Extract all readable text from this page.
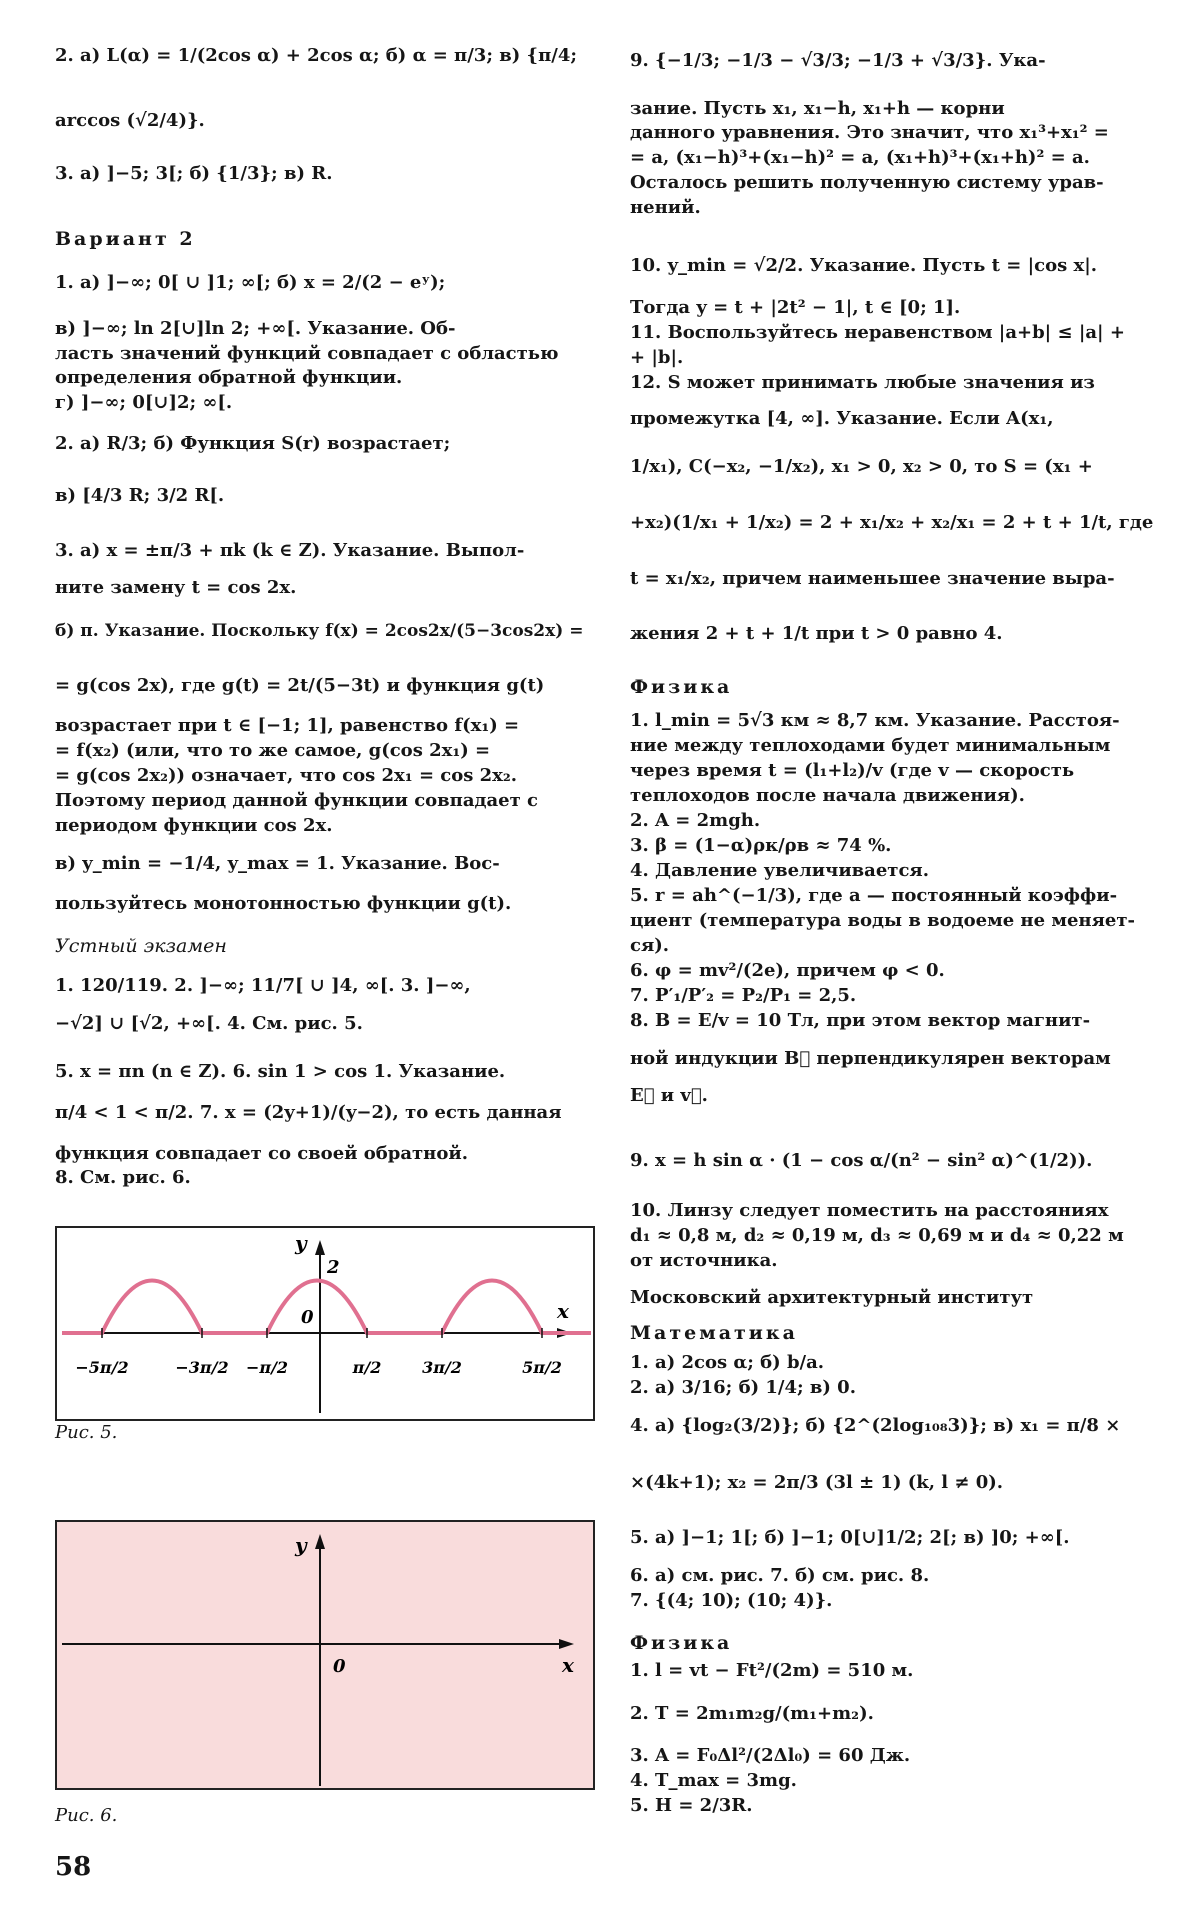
2. а) L(α) = 1/(2cos α) + 2cos α; б) α = π/3; в) {π/4;
arccos (√2/4)}.
3. а) ]−5; 3[; б) {1/3}; в) R.
1. а) ]−∞; 0[ ∪ ]1; ∞[; б) x = 2/(2 − eʸ);
в) ]−∞; ln 2[∪]ln 2; +∞[. Указание. Об-
ласть значений функций совпадает с областью
определения обратной функции.
г) ]−∞; 0[∪]2; ∞[.
2. а) R/3; б) Функция S(r) возрастает;
в) [4/3 R; 3/2 R[.
3. а) x = ±π/3 + πk (k ∈ Z). Указание. Выпол-
ните замену t = cos 2x.
б) π. Указание. Поскольку f(x) = 2cos2x/(5−3cos2x) =
= g(cos 2x), где g(t) = 2t/(5−3t) и функция g(t)
возрастает при t ∈ [−1; 1], равенство f(x₁) =
= f(x₂) (или, что то же самое, g(cos 2x₁) =
= g(cos 2x₂)) означает, что cos 2x₁ = cos 2x₂.
Поэтому период данной функции совпадает с
периодом функции cos 2x.
в) y_min = −1/4, y_max = 1. Указание. Вос-
пользуйтесь монотонностью функции g(t).
1. 120/119. 2. ]−∞; 11/7[ ∪ ]4, ∞[. 3. ]−∞,
−√2] ∪ [√2, +∞[. 4. См. рис. 5.
5. x = πn (n ∈ Z). 6. sin 1 > cos 1. Указание.
π/4 < 1 < π/2. 7. x = (2y+1)/(y−2), то есть данная
функция совпадает со своей обратной.
8. См. рис. 6.
Вариант 2
Устный экзамен
y
2
0	x
−5π/2	−3π/2 −π/2	π/2	3π/2	5π/2
Рис. 5.
y
0	x
Рис. 6.
9. {−1/3; −1/3 − √3/3; −1/3 + √3/3}. Ука-
зание. Пусть x₁, x₁−h, x₁+h — корни
данного уравнения. Это значит, что x₁³+x₁² =
= a, (x₁−h)³+(x₁−h)² = a, (x₁+h)³+(x₁+h)² = a.
Осталось решить полученную систему урав-
нений.
10. y_min = √2/2. Указание. Пусть t = |cos x|.
Тогда y = t + |2t² − 1|, t ∈ [0; 1].
11. Воспользуйтесь неравенством |a+b| ≤ |a| +
+ |b|.
12. S может принимать любые значения из
промежутка [4, ∞]. Указание. Если A(x₁,
1/x₁), C(−x₂, −1/x₂), x₁ > 0, x₂ > 0, то S = (x₁ +
+x₂)(1/x₁ + 1/x₂) = 2 + x₁/x₂ + x₂/x₁ = 2 + t + 1/t, где
t = x₁/x₂, причем наименьшее значение выра-
жения 2 + t + 1/t при t > 0 равно 4.
1. l_min = 5√3 км ≈ 8,7 км. Указание. Расстоя-
ние между теплоходами будет минимальным
через время t = (l₁+l₂)/v (где v — скорость
теплоходов после начала движения).
2. A = 2mgh.
3. β = (1−α)ρк/ρв ≈ 74 %.
4. Давление увеличивается.
5. r = ah^(−1/3), где a — постоянный коэффи-
циент (температура воды в водоеме не меняет-
ся).
6. φ = mv²/(2e), причем φ < 0.
7. P′₁/P′₂ = P₂/P₁ = 2,5.
8. B = E/v = 10 Тл, при этом вектор магнит-
ной индукции B⃗ перпендикулярен векторам
E⃗ и v⃗.
9. x = h sin α · (1 − cos α/(n² − sin² α)^(1/2)).
10. Линзу следует поместить на расстояниях
d₁ ≈ 0,8 м, d₂ ≈ 0,19 м, d₃ ≈ 0,69 м и d₄ ≈ 0,22 м
от источника.
1. а) 2cos α; б) b/a.
2. а) 3/16; б) 1/4; в) 0.
4. а) {log₂(3/2)}; б) {2^(2log₁₀₈3)}; в) x₁ = π/8 ×
×(4k+1); x₂ = 2π/3 (3l ± 1) (k, l ≠ 0).
5. а) ]−1; 1[; б) ]−1; 0[∪]1/2; 2[; в) ]0; +∞[.
6. а) см. рис. 7. б) см. рис. 8.
7. {(4; 10); (10; 4)}.
1. l = vt − Ft²/(2m) = 510 м.
2. T = 2m₁m₂g/(m₁+m₂).
3. A = F₀Δl²/(2Δl₀) = 60 Дж.
4. T_max = 3mg.
5. H = 2/3R.
Физика
Московский архитектурный институт
Математика
Физика
58
